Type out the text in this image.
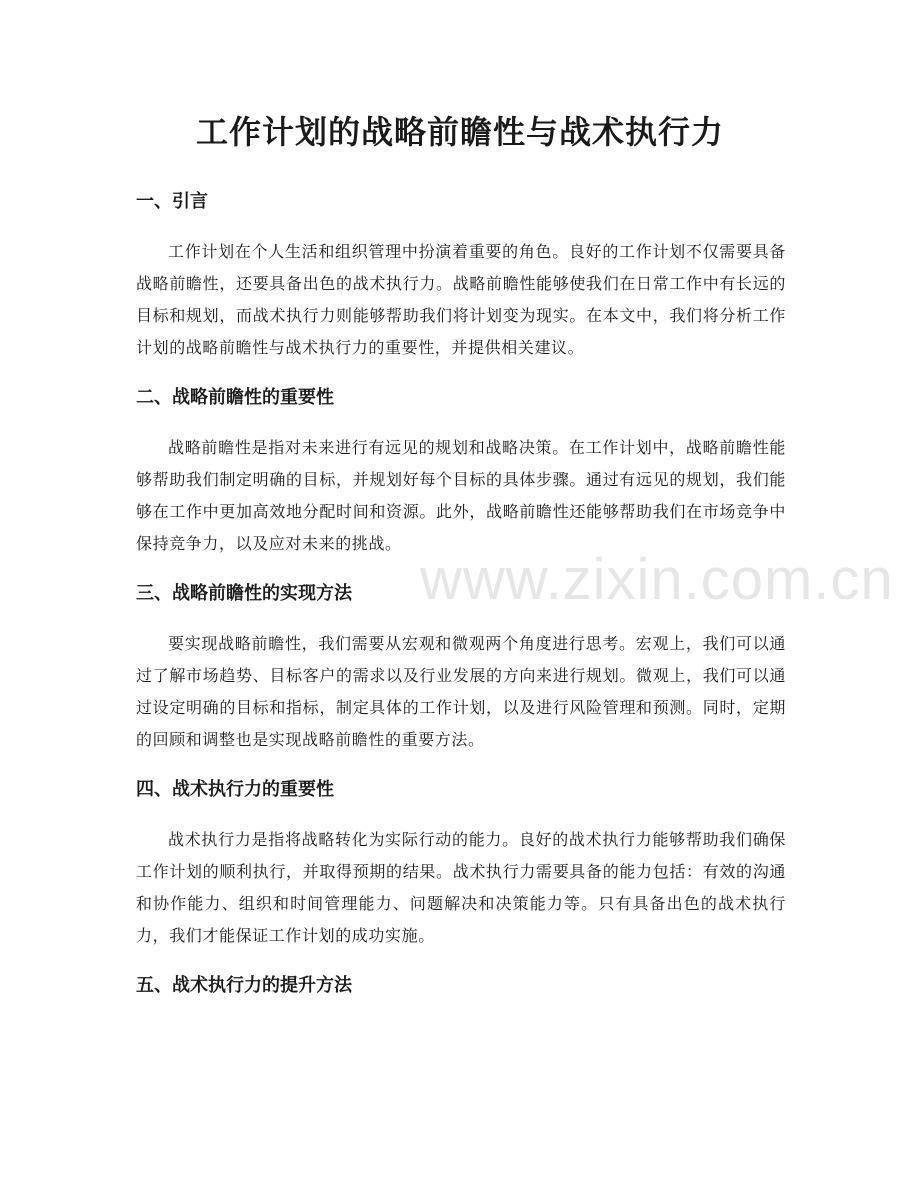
工作计划的战略前瞻性与战术执行力
一、引言

工作计划在个人生活和组织管理中扮演着重要的角色。良好的工作计划不仅需要具备战略前瞻性，还要具备出色的战术执行力。战略前瞻性能够使我们在日常工作中有长远的目标和规划，而战术执行力则能够帮助我们将计划变为现实。在本文中，我们将分析工作计划的战略前瞻性与战术执行力的重要性，并提供相关建议。

二、战略前瞻性的重要性

战略前瞻性是指对未来进行有远见的规划和战略决策。在工作计划中，战略前瞻性能够帮助我们制定明确的目标，并规划好每个目标的具体步骤。通过有远见的规划，我们能够在工作中更加高效地分配时间和资源。此外，战略前瞻性还能够帮助我们在市场竞争中保持竞争力，以及应对未来的挑战。

三、战略前瞻性的实现方法

要实现战略前瞻性，我们需要从宏观和微观两个角度进行思考。宏观上，我们可以通过了解市场趋势、目标客户的需求以及行业发展的方向来进行规划。微观上，我们可以通过设定明确的目标和指标，制定具体的工作计划，以及进行风险管理和预测。同时，定期的回顾和调整也是实现战略前瞻性的重要方法。

四、战术执行力的重要性

战术执行力是指将战略转化为实际行动的能力。良好的战术执行力能够帮助我们确保工作计划的顺利执行，并取得预期的结果。战术执行力需要具备的能力包括：有效的沟通和协作能力、组织和时间管理能力、问题解决和决策能力等。只有具备出色的战术执行力，我们才能保证工作计划的成功实施。

五、战术执行力的提升方法
www.zixin.com.cn
